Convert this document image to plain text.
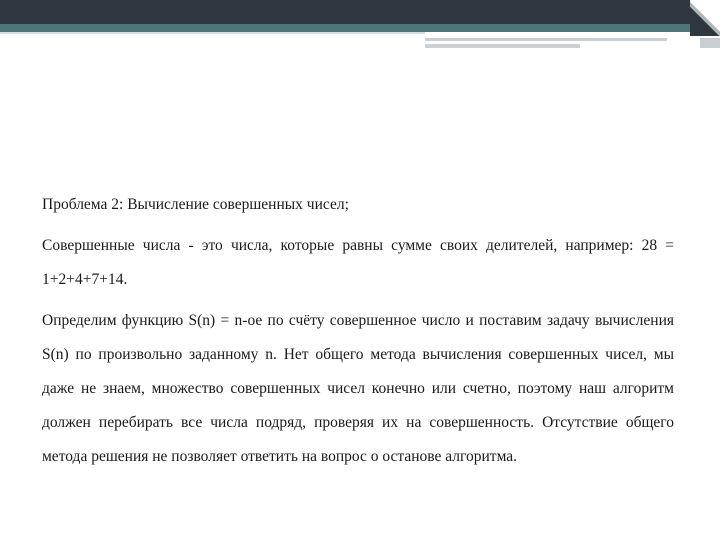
Проблема 2: Вычисление совершенных чисел;

Совершенные числа - это числа, которые равны сумме своих делителей, например: 28 = 1+2+4+7+14.

Определим функцию S(n) = n-ое по счёту совершенное число и поставим задачу вычисления S(n) по произвольно заданному n. Нет общего метода вычисления совершенных чисел, мы даже не знаем, множество совершенных чисел конечно или счетно, поэтому наш алгоритм должен перебирать все числа подряд, проверяя их на совершенность. Отсутствие общего метода решения не позволяет ответить на вопрос о останове алгоритма.
